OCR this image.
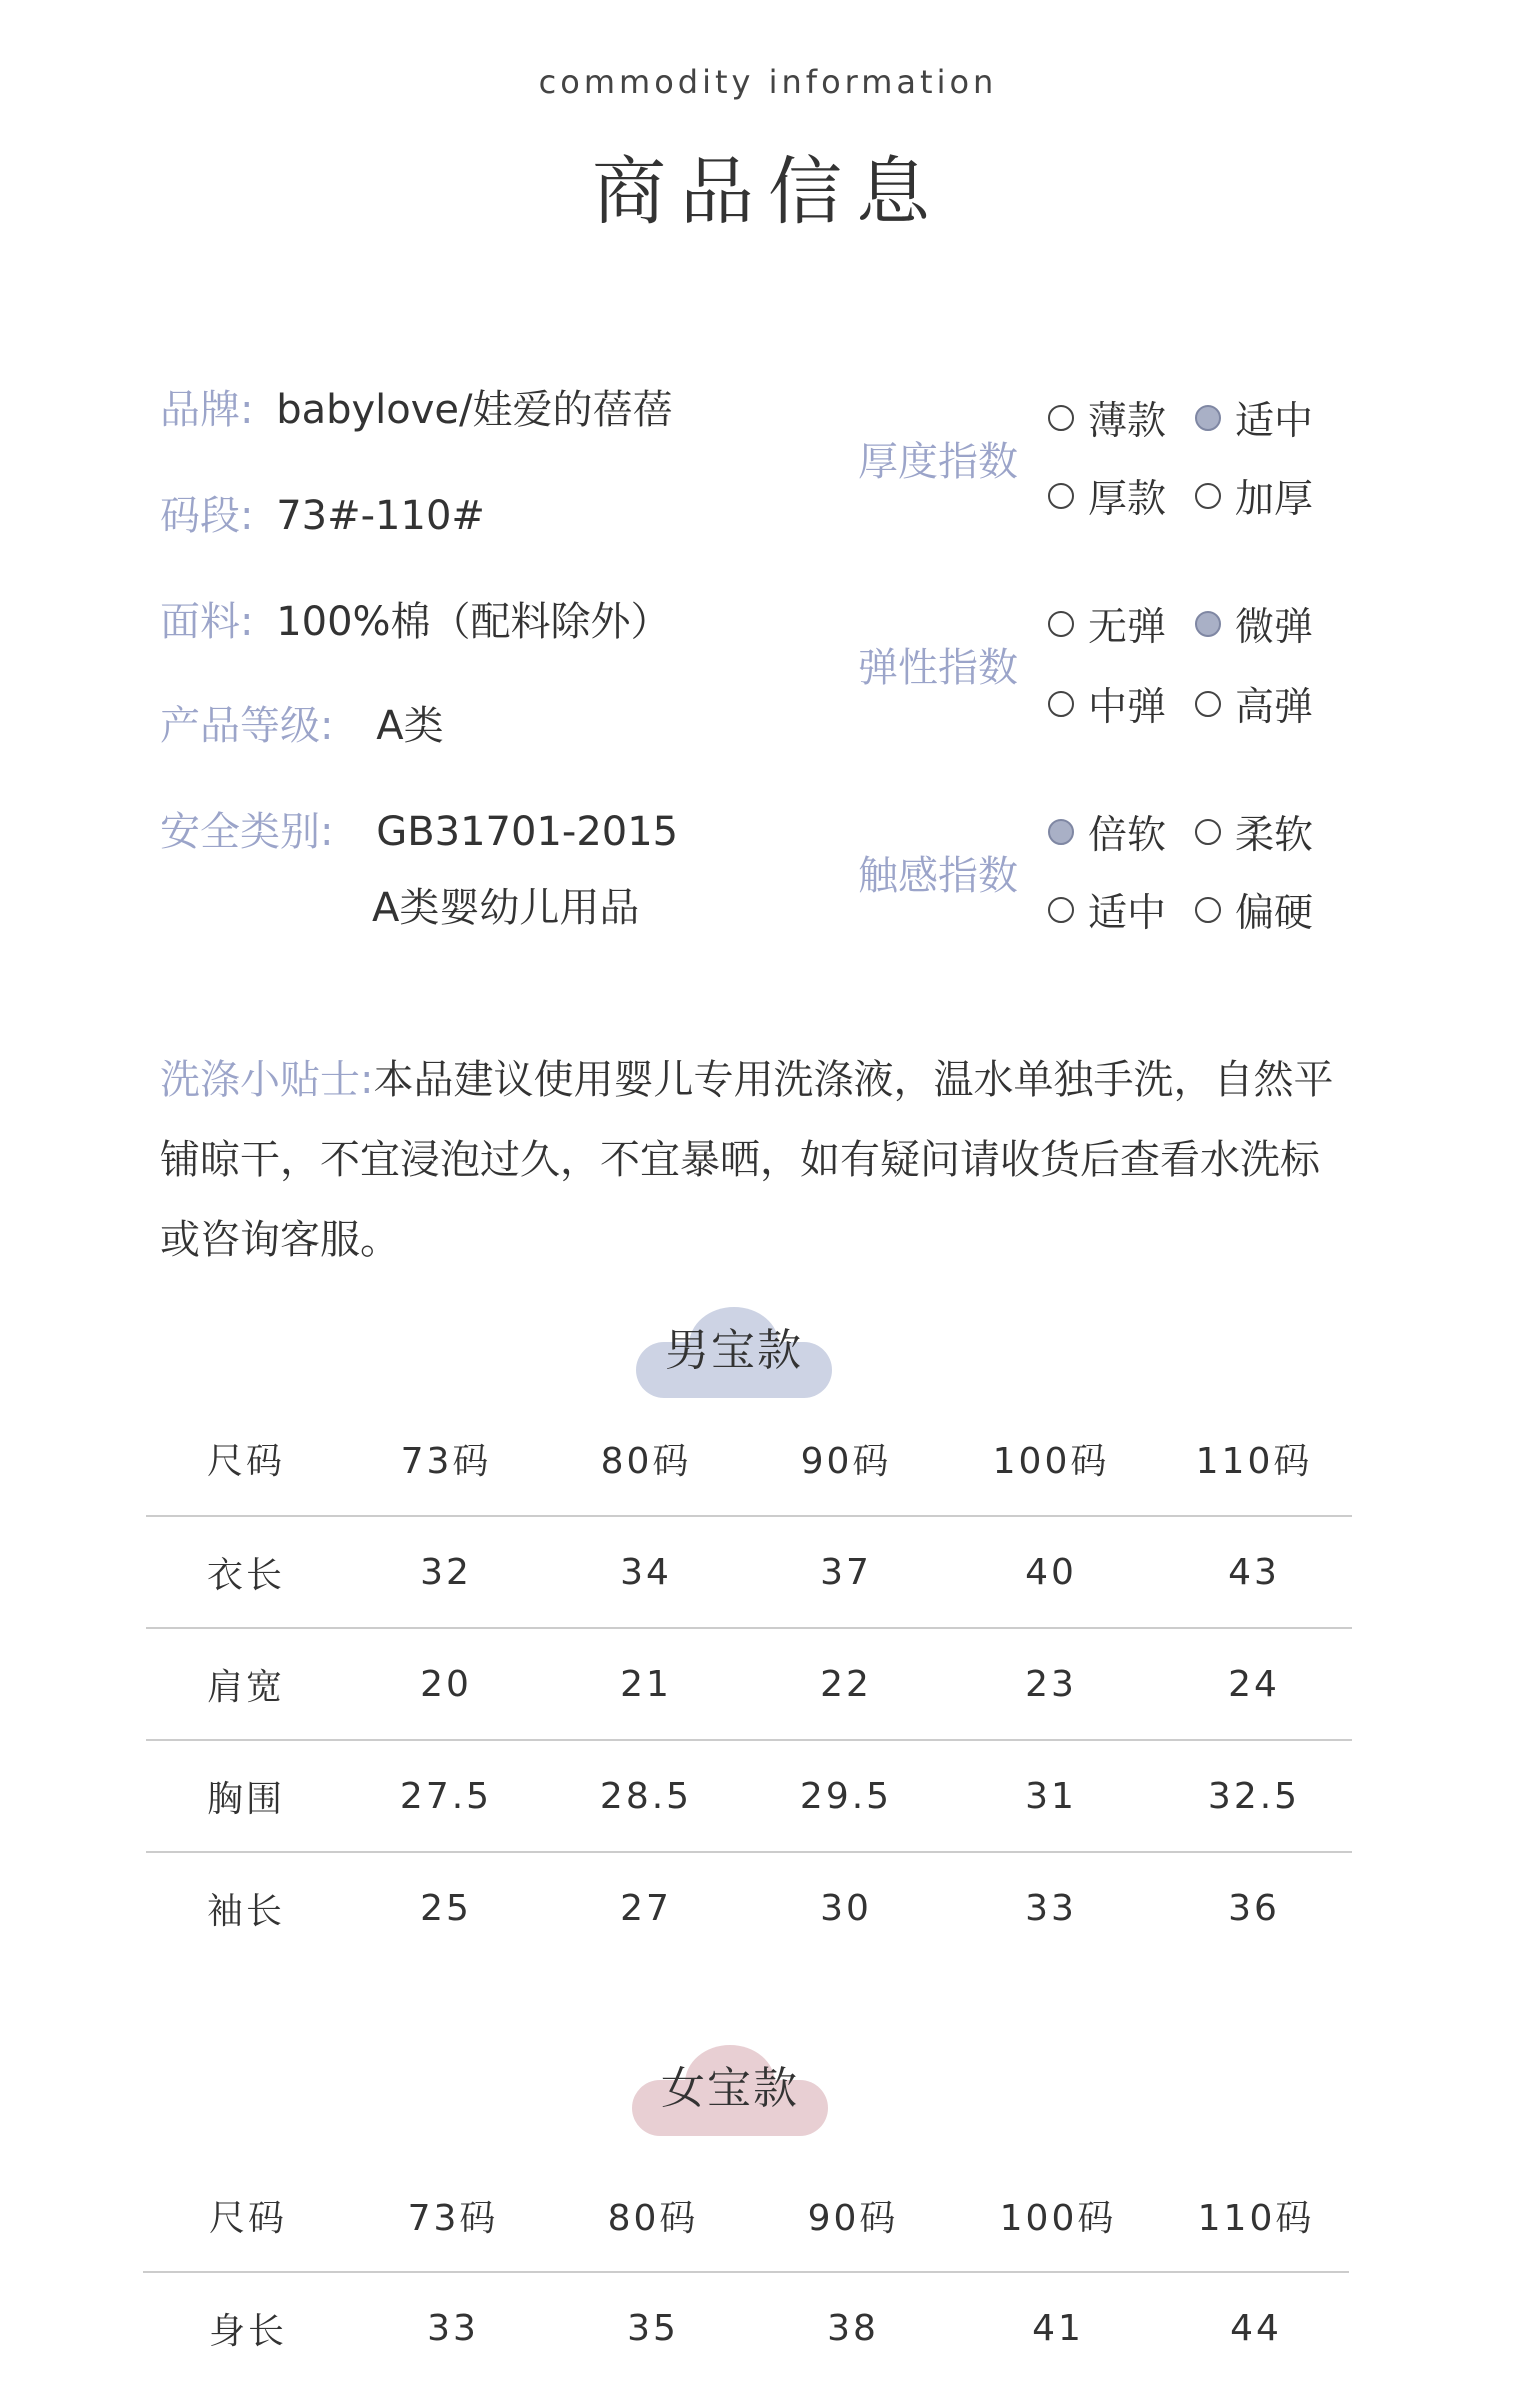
commodity information
商品信息
品牌: babylove/娃爱的蓓蓓
码段: 73#-110#
面料: 100%棉（配料除外）
产品等级: A类
安全类别: GB31701-2015
A类婴幼儿用品
厚度指数
薄款 适中
厚款 加厚
弹性指数
无弹 微弹
中弹 高弹
触感指数
倍软 柔软
适中 偏硬
洗涤小贴士:本品建议使用婴儿专用洗涤液，温水单独手洗，自然平铺晾干，不宜浸泡过久，不宜暴晒，如有疑问请收货后查看水洗标或咨询客服。
男宝款
尺码	73码	80码	90码	100码	110码
衣长	32	34	37	40	43
肩宽	20	21	22	23	24
胸围	27.5	28.5	29.5	31	32.5
袖长	25	27	30	33	36
女宝款
尺码	73码	80码	90码	100码	110码
身长	33	35	38	41	44
